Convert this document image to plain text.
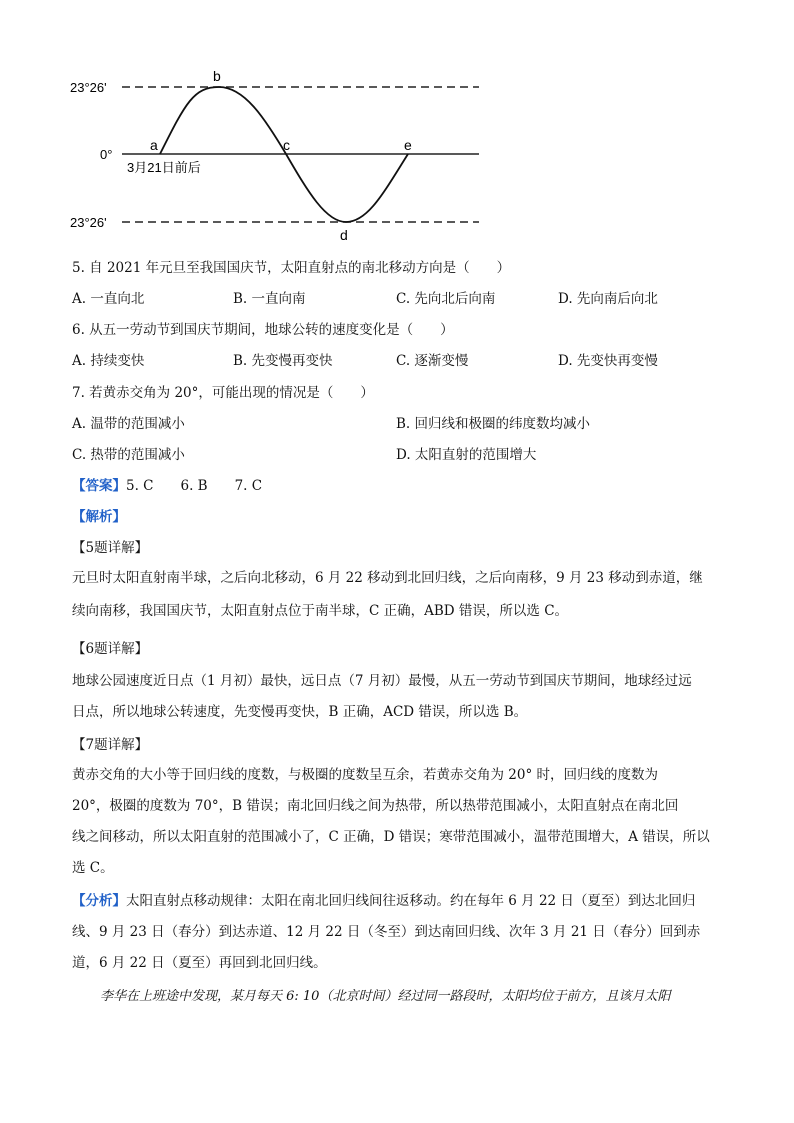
23°26'
0°
23°26'
a
b
c
d
e
3月21日前后
5. 自 2021 年元旦至我国国庆节，太阳直射点的南北移动方向是（　　）
A. 一直向北	B. 一直向南	C. 先向北后向南	D. 先向南后向北
6. 从五一劳动节到国庆节期间，地球公转的速度变化是（　　）
A. 持续变快	B. 先变慢再变快	C. 逐渐变慢	D. 先变快再变慢
7. 若黄赤交角为 20°，可能出现的情况是（　　）
A. 温带的范围减小	B. 回归线和极圈的纬度数均减小
C. 热带的范围减小	D. 太阳直射的范围增大
【答案】5. C　　6. B　　7. C
【解析】
【5题详解】
元旦时太阳直射南半球，之后向北移动，6 月 22 移动到北回归线，之后向南移，9 月 23 移动到赤道，继
续向南移，我国国庆节，太阳直射点位于南半球，C 正确，ABD 错误，所以选 C。
【6题详解】
地球公园速度近日点（1 月初）最快，远日点（7 月初）最慢，从五一劳动节到国庆节期间，地球经过远
日点，所以地球公转速度，先变慢再变快，B 正确，ACD 错误，所以选 B。
【7题详解】
黄赤交角的大小等于回归线的度数，与极圈的度数呈互余，若黄赤交角为 20° 时，回归线的度数为
20°，极圈的度数为 70°，B 错误；南北回归线之间为热带，所以热带范围减小，太阳直射点在南北回
线之间移动，所以太阳直射的范围减小了，C 正确，D 错误；寒带范围减小，温带范围增大，A 错误，所以
选 C。
【分析】太阳直射点移动规律：太阳在南北回归线间往返移动。约在每年 6 月 22 日（夏至）到达北回归
线、9 月 23 日（春分）到达赤道、12 月 22 日（冬至）到达南回归线、次年 3 月 21 日（春分）回到赤
道，6 月 22 日（夏至）再回到北回归线。
李华在上班途中发现，某月每天 6: 10（北京时间）经过同一路段时，太阳均位于前方，且该月太阳
